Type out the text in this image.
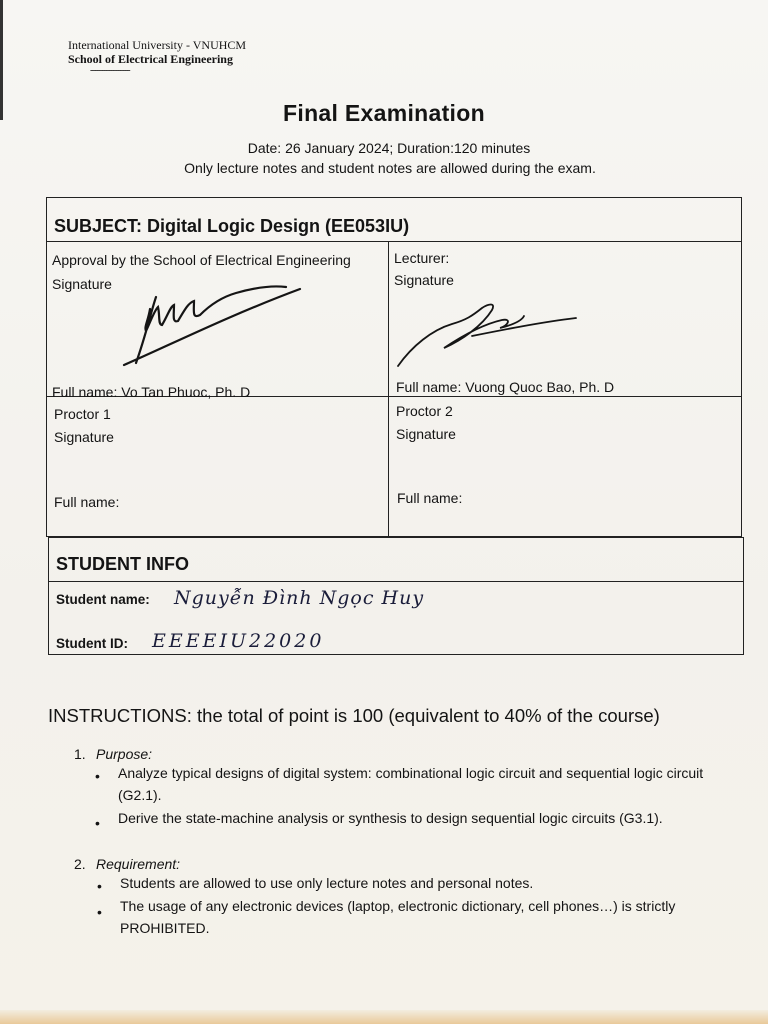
International University - VNUHCM
School of Electrical Engineering
-----------------
Final Examination
Date: 26 January 2024; Duration:120 minutes
Only lecture notes and student notes are allowed during the exam.
SUBJECT: Digital Logic Design (EE053IU)
Approval by the School of Electrical Engineering
Signature
Full name: Vo Tan Phuoc, Ph. D
Lecturer:
Signature
Full name: Vuong Quoc Bao, Ph. D
Proctor 1
Signature
Full name:
Proctor 2
Signature
Full name:
STUDENT INFO
Student name: Nguyễn Đình Ngọc Huy
Student ID: EEEEIU22020
INSTRUCTIONS: the total of point is 100 (equivalent to 40% of the course)
1. Purpose:
• Analyze typical designs of digital system: combinational logic circuit and sequential logic circuit (G2.1).
• Derive the state-machine analysis or synthesis to design sequential logic circuits (G3.1).
2. Requirement:
• Students are allowed to use only lecture notes and personal notes.
• The usage of any electronic devices (laptop, electronic dictionary, cell phones…) is strictly PROHIBITED.
